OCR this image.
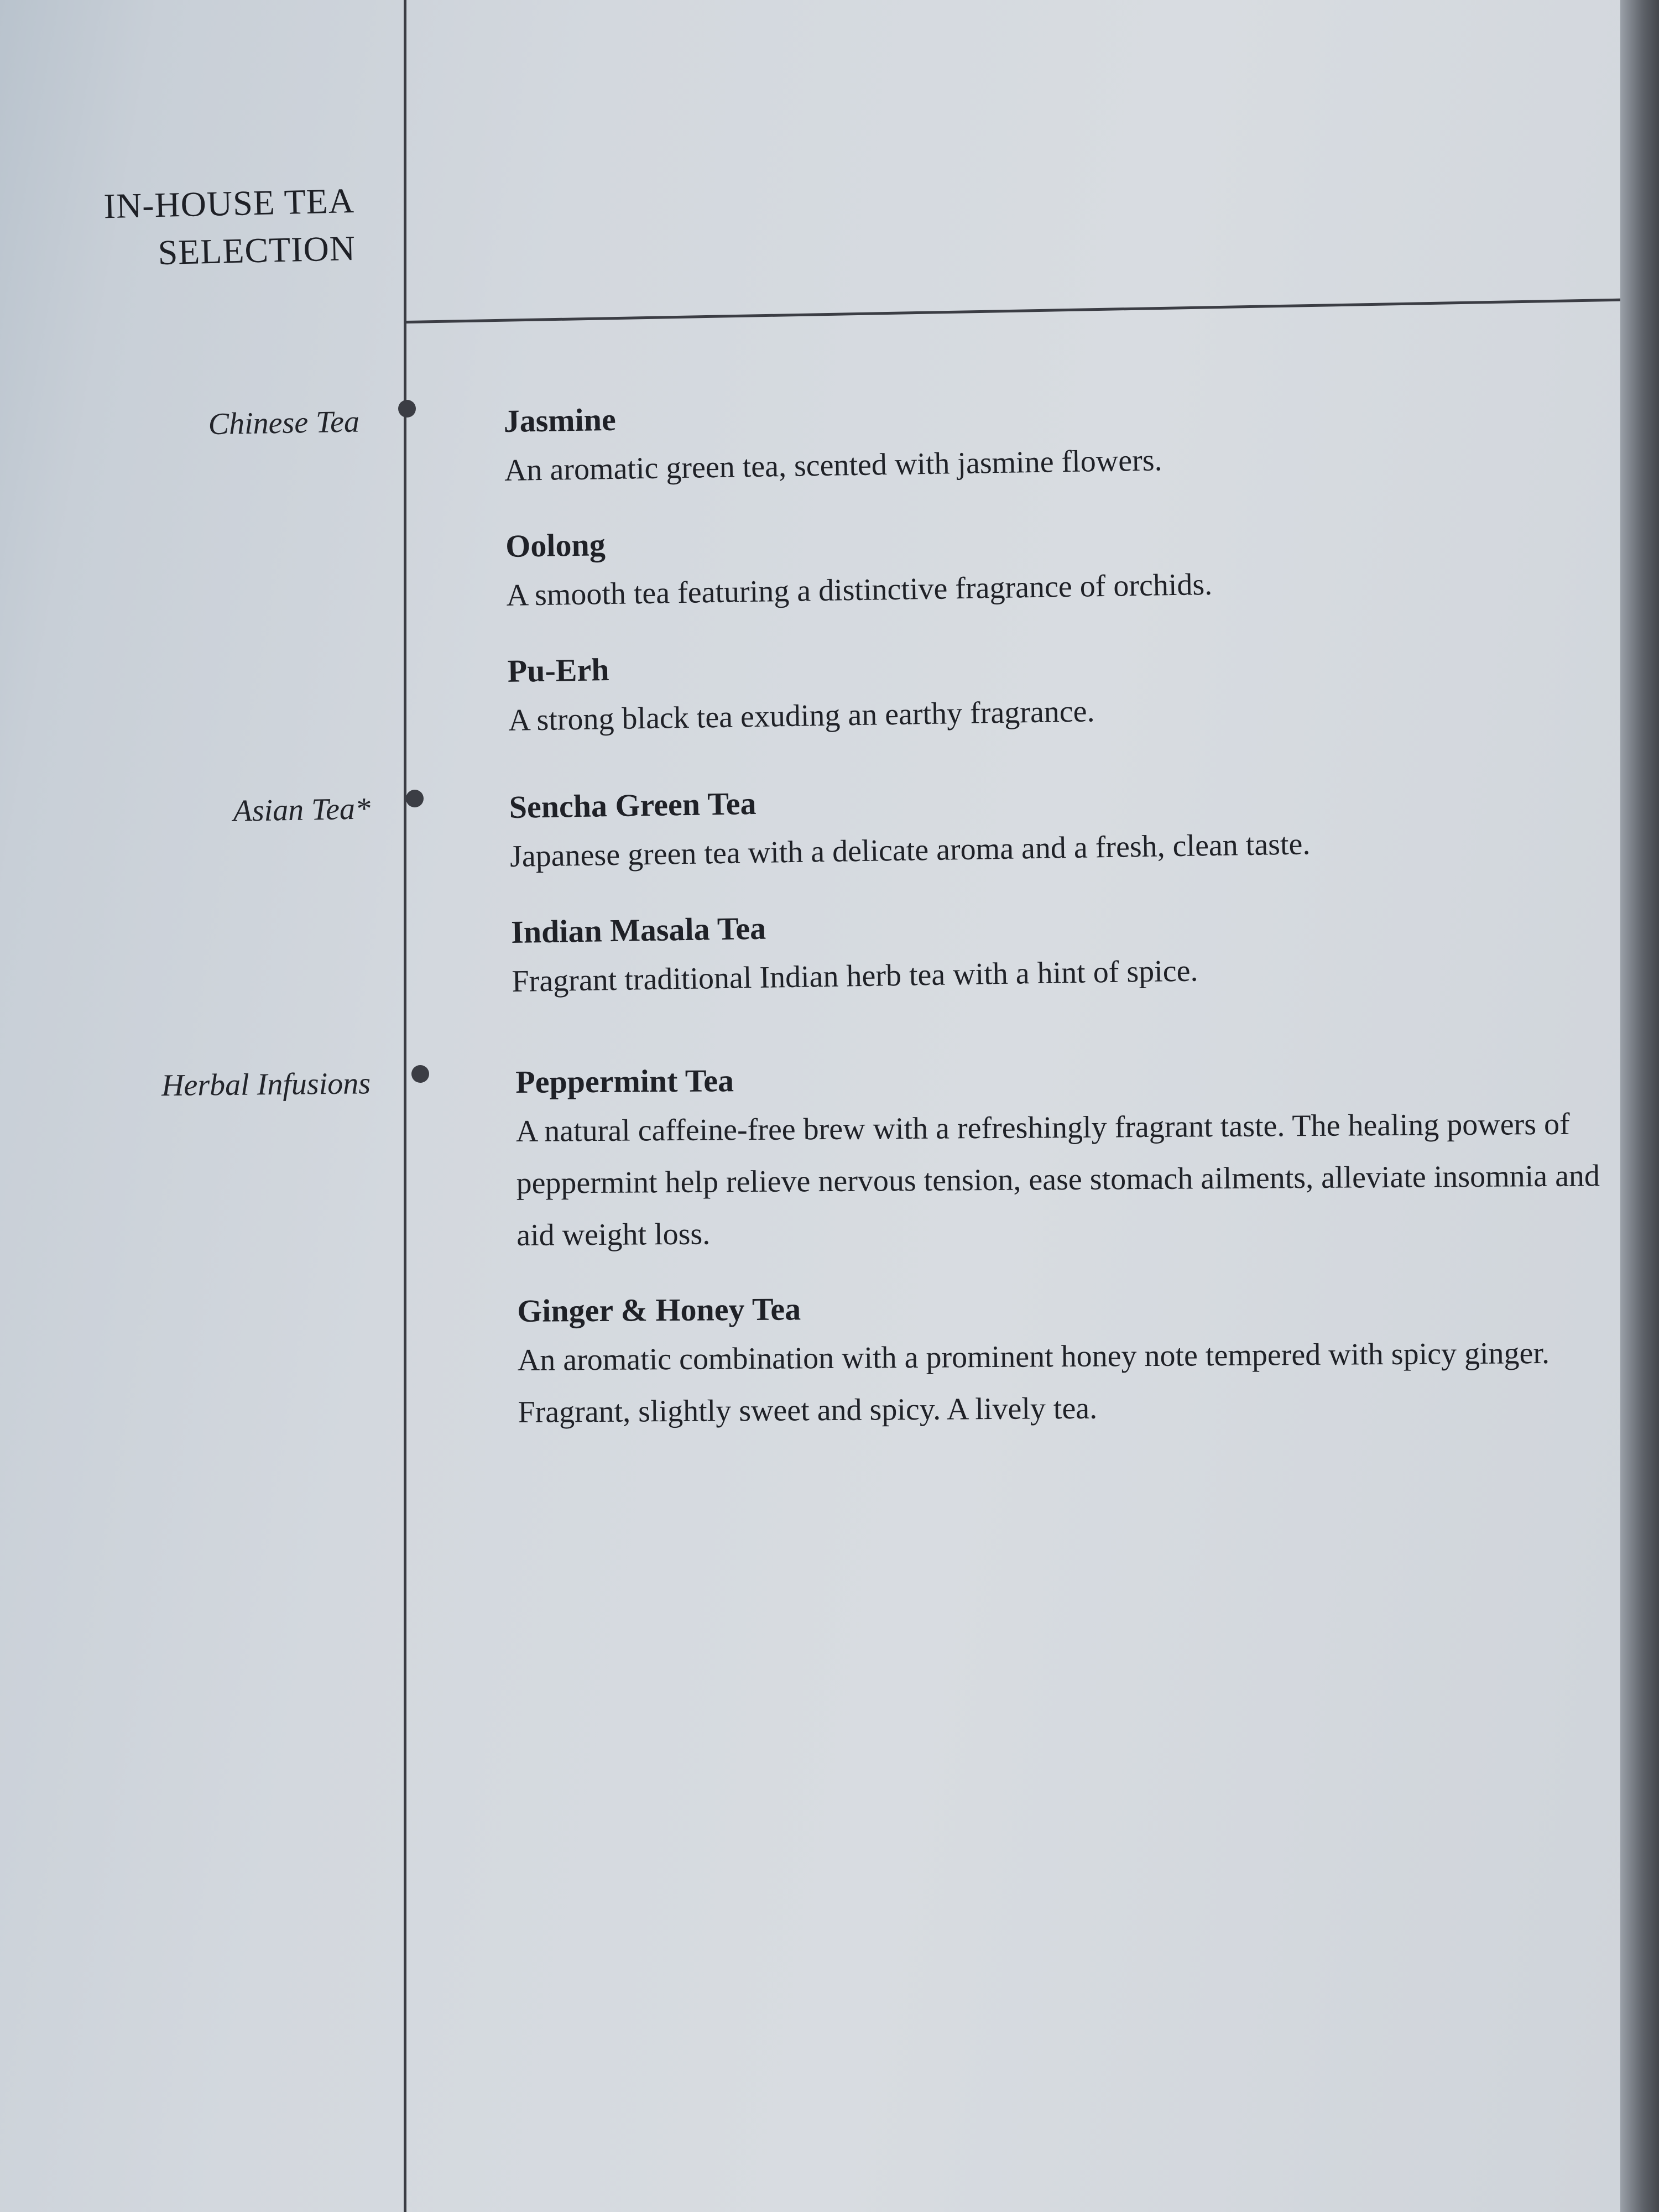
IN-HOUSE TEA
SELECTION
Chinese Tea	Jasmine
An aromatic green tea, scented with jasmine flowers.
Oolong
A smooth tea featuring a distinctive fragrance of orchids.
Pu-Erh
A strong black tea exuding an earthy fragrance.
Asian Tea*	Sencha Green Tea
Japanese green tea with a delicate aroma and a fresh, clean taste.
Indian Masala Tea
Fragrant traditional Indian herb tea with a hint of spice.
Herbal Infusions	Peppermint Tea
A natural caffeine-free brew with a refreshingly fragrant taste. The healing powers of peppermint help relieve nervous tension, ease stomach ailments, alleviate insomnia and aid weight loss.
Ginger & Honey Tea
An aromatic combination with a prominent honey note tempered with spicy ginger. Fragrant, slightly sweet and spicy. A lively tea.
